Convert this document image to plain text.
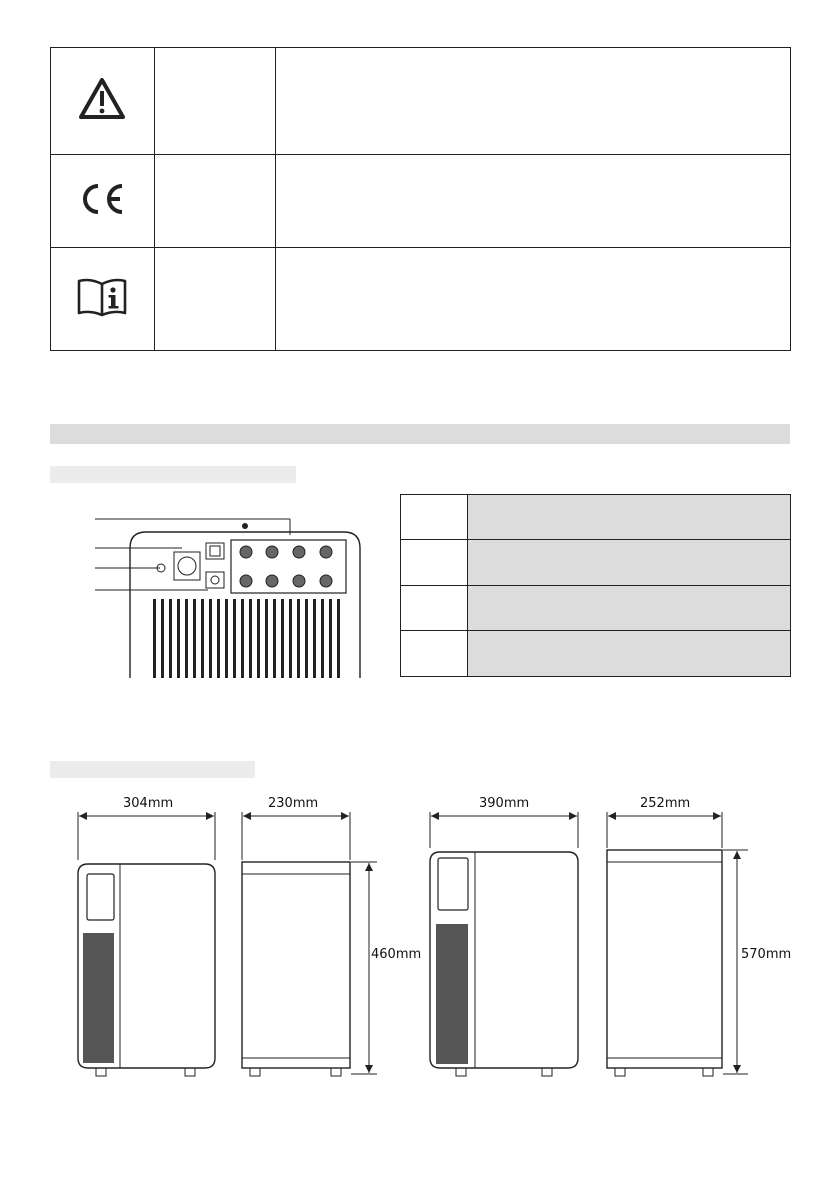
304mm	230mm
460mm
390mm	252mm
570mm
